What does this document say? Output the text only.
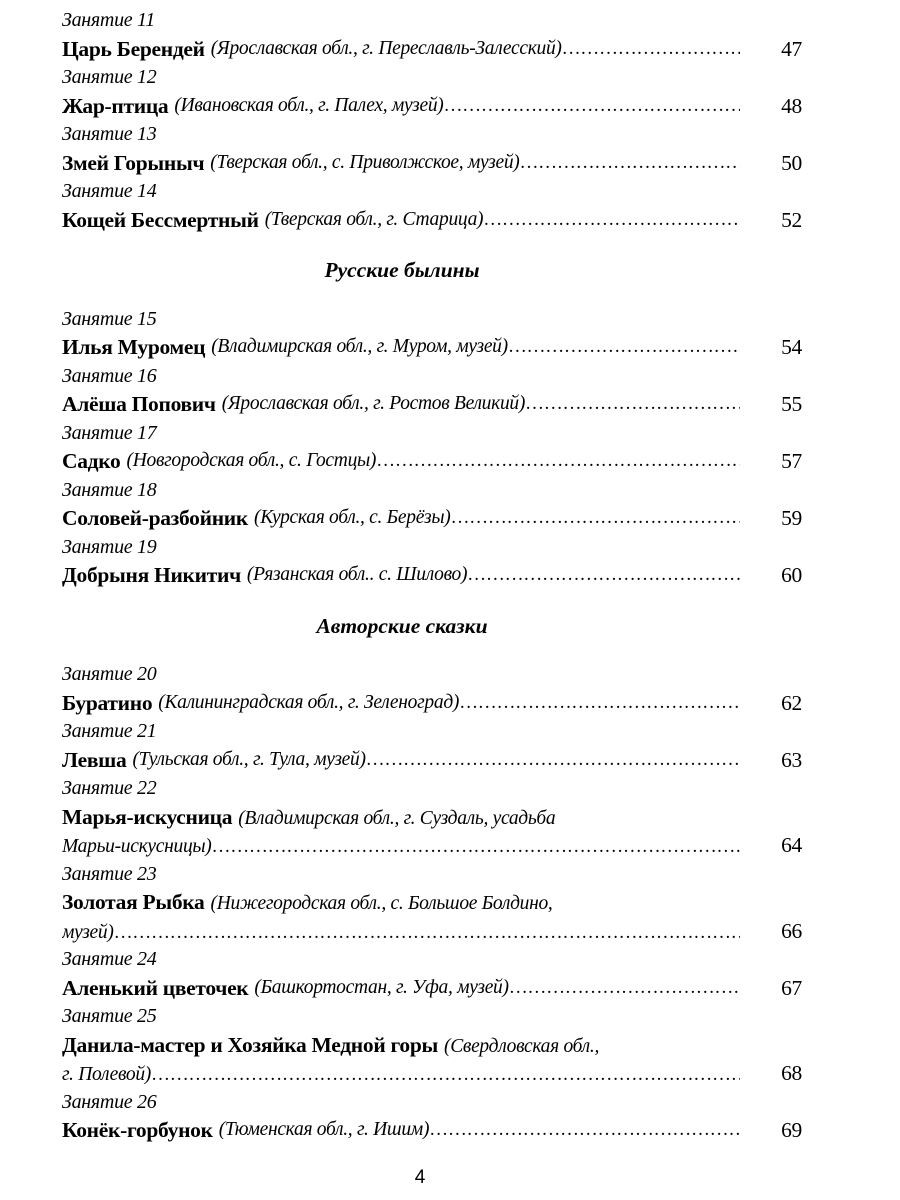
Занятие 11
Царь Берендей (Ярославская обл., г. Переславль-Залесский) ……………………………………………………………………………………………………………………………………	47
Занятие 12
Жар-птица (Ивановская обл., г. Палех, музей) ……………………………………………………………………………………………………………………………………	48
Занятие 13
Змей Горыныч (Тверская обл., с. Приволжское, музей) ……………………………………………………………………………………………………………………………………	50
Занятие 14
Кощей Бессмертный (Тверская обл., г. Старица) ……………………………………………………………………………………………………………………………………	52
Русские былины
Занятие 15
Илья Муромец (Владимирская обл., г. Муром, музей) ……………………………………………………………………………………………………………………………………	54
Занятие 16
Алёша Попович (Ярославская обл., г. Ростов Великий) ……………………………………………………………………………………………………………………………………	55
Занятие 17
Садко (Новгородская обл., с. Гостцы) ……………………………………………………………………………………………………………………………………	57
Занятие 18
Соловей-разбойник (Курская обл., с. Берёзы) ……………………………………………………………………………………………………………………………………	59
Занятие 19
Добрыня Никитич (Рязанская обл.. с. Шилово) ……………………………………………………………………………………………………………………………………	60
Авторские сказки
Занятие 20
Буратино (Калининградская обл., г. Зеленоград) ……………………………………………………………………………………………………………………………………	62
Занятие 21
Левша (Тульская обл., г. Тула, музей) ……………………………………………………………………………………………………………………………………	63
Занятие 22
Марья-искусница (Владимирская обл., г. Суздаль, усадьба
Марьи-искусницы) ……………………………………………………………………………………………………………………………………	64
Занятие 23
Золотая Рыбка (Нижегородская обл., с. Большое Болдино,
музей) ……………………………………………………………………………………………………………………………………	66
Занятие 24
Аленький цветочек (Башкортостан, г. Уфа, музей) ……………………………………………………………………………………………………………………………………	67
Занятие 25
Данила-мастер и Хозяйка Медной горы (Свердловская обл.,
г. Полевой) ……………………………………………………………………………………………………………………………………	68
Занятие 26
Конёк-горбунок (Тюменская обл., г. Ишим) ……………………………………………………………………………………………………………………………………	69
4
